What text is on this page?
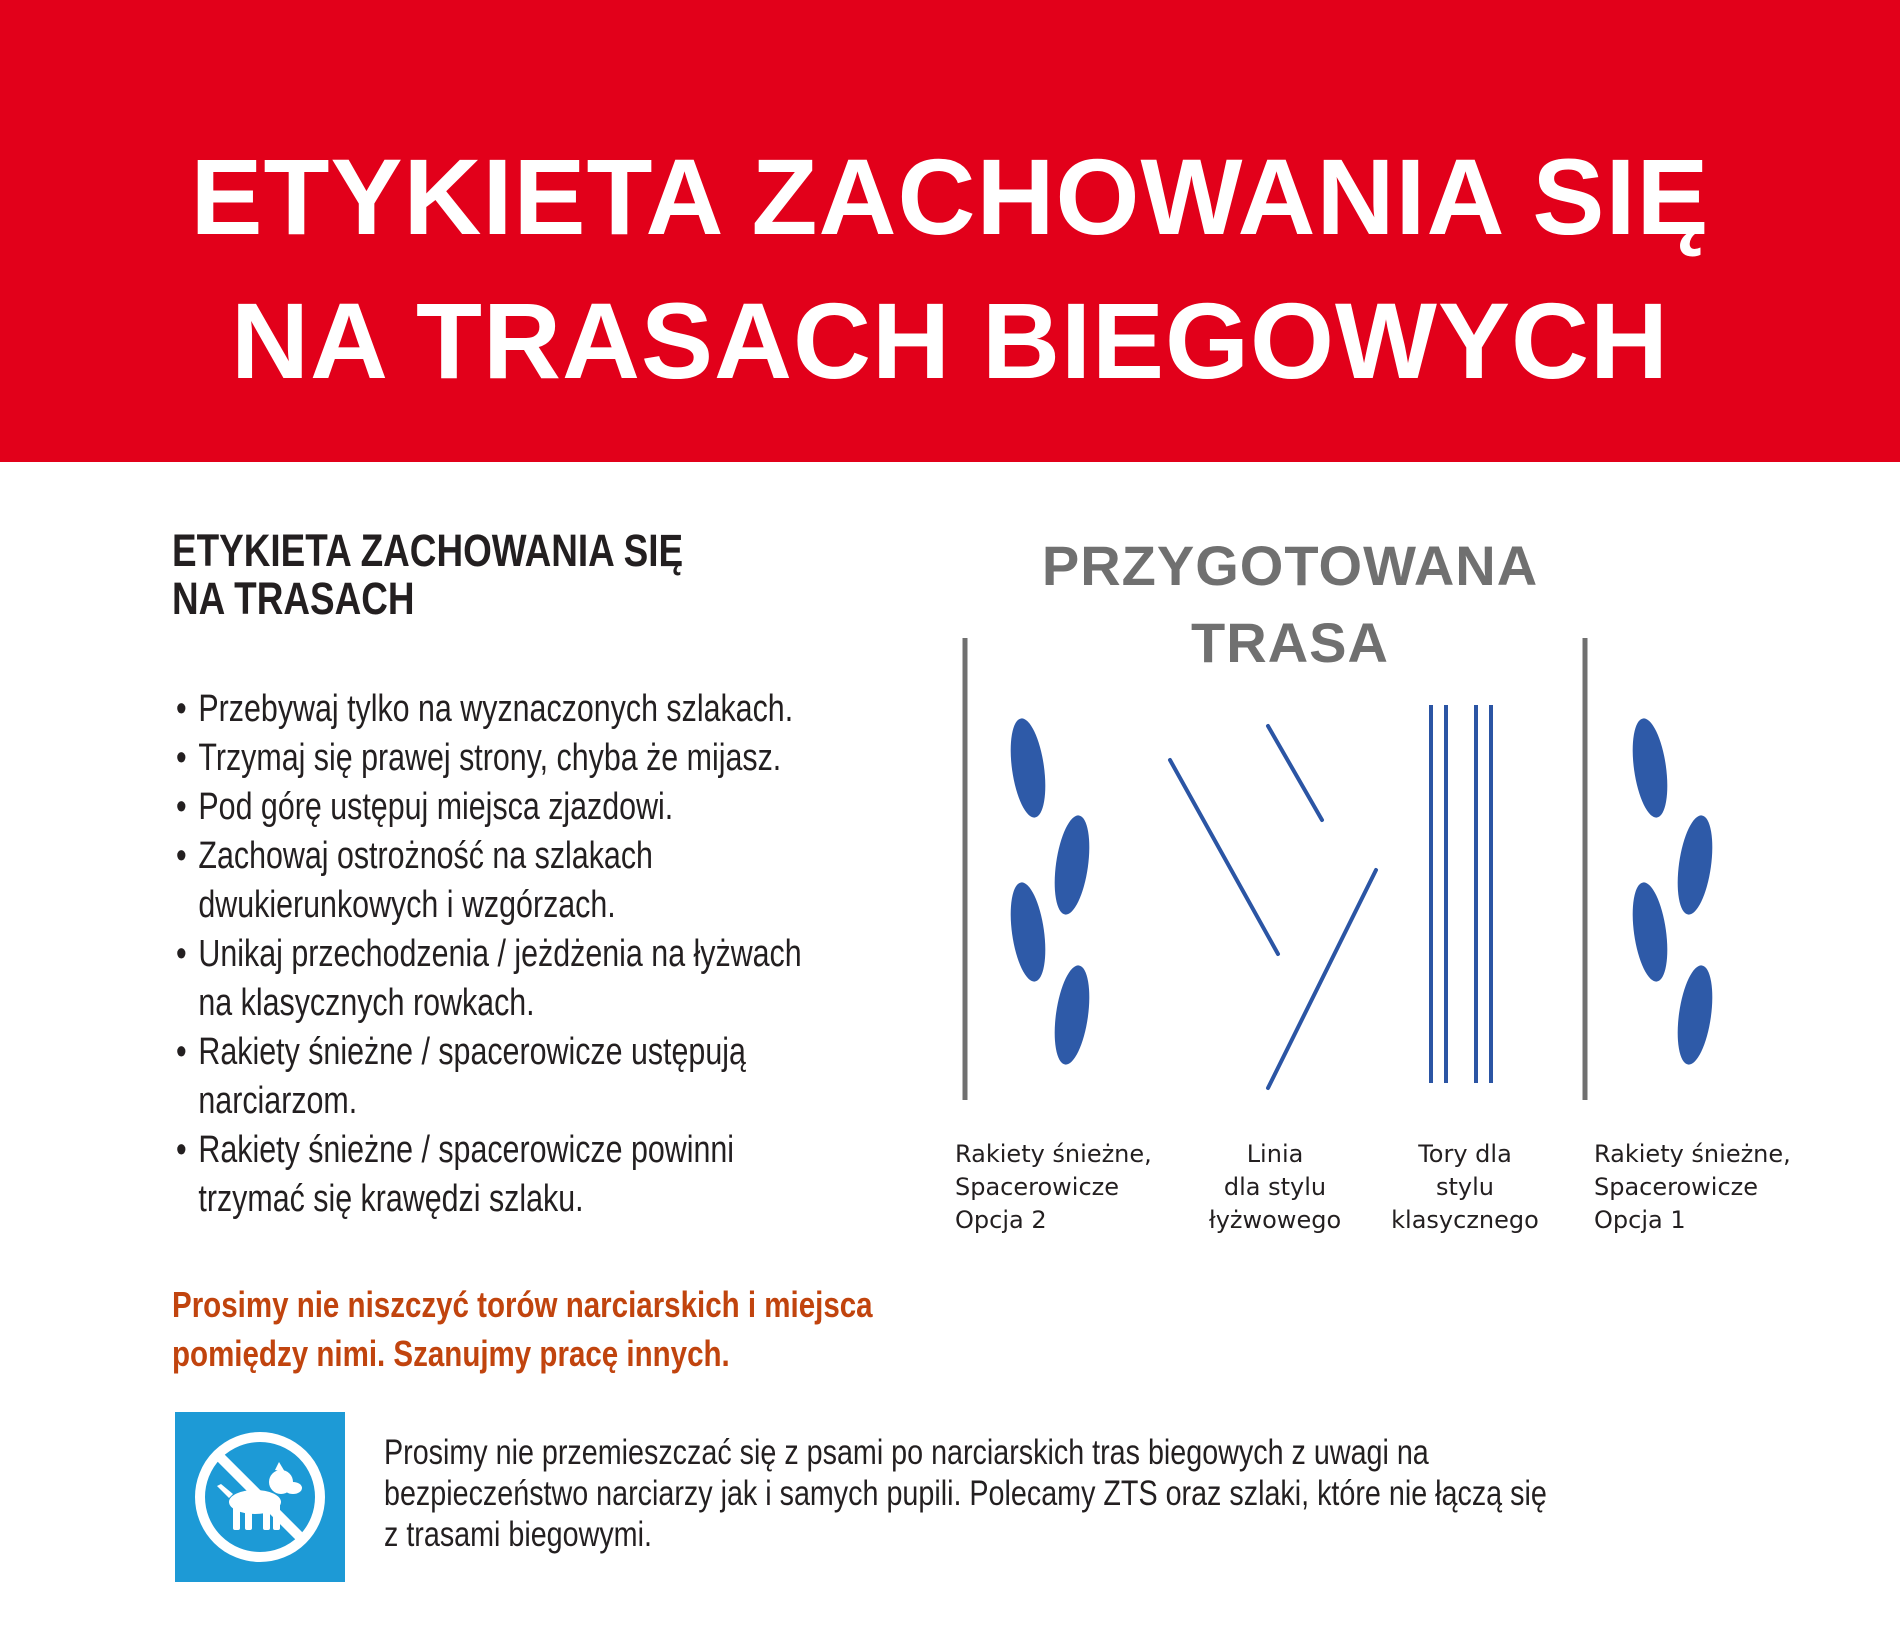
ETYKIETA ZACHOWANIA SIĘ
NA TRASACH BIEGOWYCH
ETYKIETA ZACHOWANIA SIĘ
NA TRASACH
• Przebywaj tylko na wyznaczonych szlakach.
• Trzymaj się prawej strony, chyba że mijasz.
• Pod górę ustępuj miejsca zjazdowi.
• Zachowaj ostrożność na szlakach
dwukierunkowych i wzgórzach.
• Unikaj przechodzenia / jeżdżenia na łyżwach
na klasycznych rowkach.
• Rakiety śnieżne / spacerowicze ustępują
narciarzom.
• Rakiety śnieżne / spacerowicze powinni
trzymać się krawędzi szlaku.
Prosimy nie niszczyć torów narciarskich i miejsca
pomiędzy nimi. Szanujmy pracę innych.
PRZYGOTOWANA
TRASA
Rakiety śnieżne,
Spacerowicze
Opcja 2
Linia
dla stylu
łyżwowego
Tory dla
stylu
klasycznego
Rakiety śnieżne,
Spacerowicze
Opcja 1
Prosimy nie przemieszczać się z psami po narciarskich tras biegowych z uwagi na
bezpieczeństwo narciarzy jak i samych pupili. Polecamy ZTS oraz szlaki, które nie łączą się
z trasami biegowymi.
